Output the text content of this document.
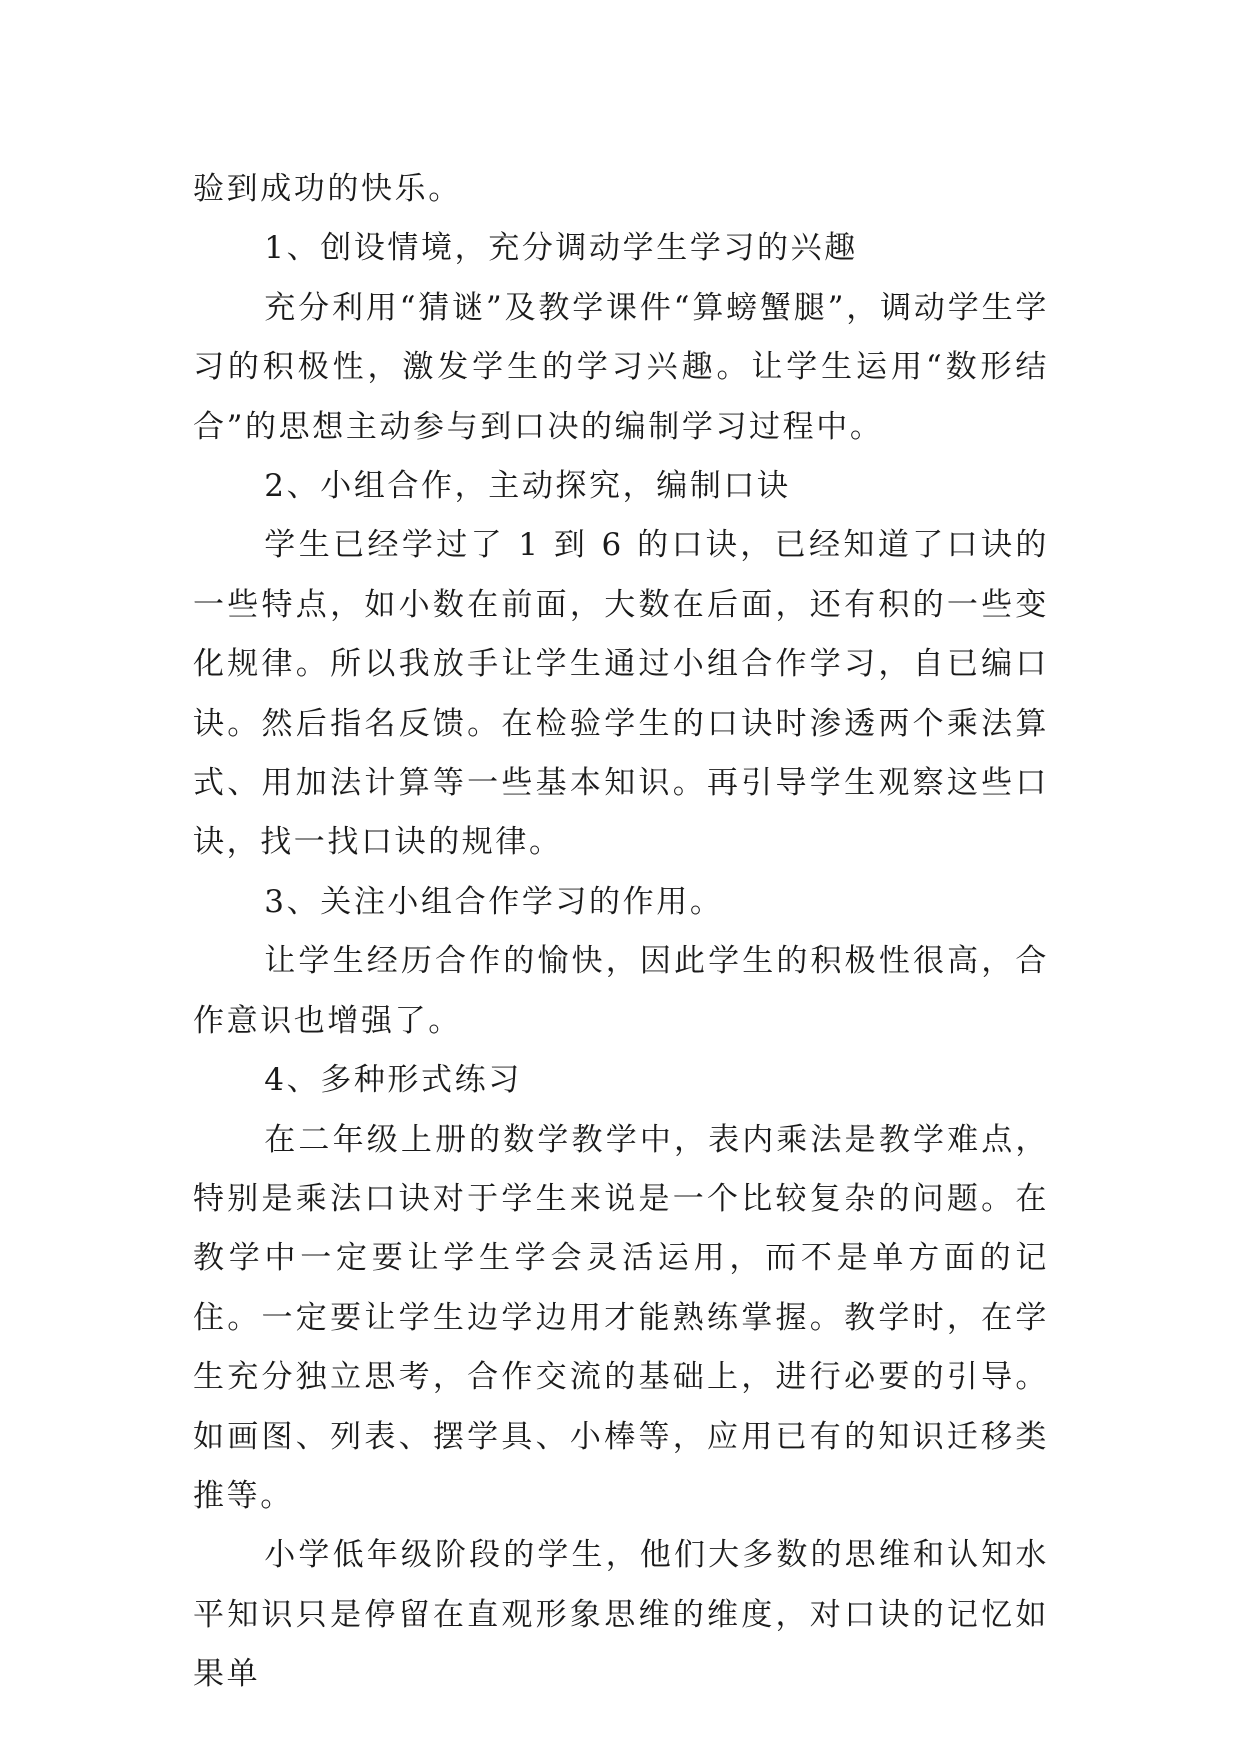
验到成功的快乐。

1、创设情境，充分调动学生学习的兴趣

充分利用“猜谜”及教学课件“算螃蟹腿”，调动学生学习的积极性，激发学生的学习兴趣。让学生运用“数形结合”的思想主动参与到口决的编制学习过程中。

2、小组合作，主动探究，编制口诀

学生已经学过了 1 到 6 的口诀，已经知道了口诀的一些特点，如小数在前面，大数在后面，还有积的一些变化规律。所以我放手让学生通过小组合作学习，自已编口诀。然后指名反馈。在检验学生的口诀时渗透两个乘法算式、用加法计算等一些基本知识。再引导学生观察这些口诀，找一找口诀的规律。

3、关注小组合作学习的作用。

让学生经历合作的愉快，因此学生的积极性很高，合作意识也增强了。

4、多种形式练习

在二年级上册的数学教学中，表内乘法是教学难点，特别是乘法口诀对于学生来说是一个比较复杂的问题。在教学中一定要让学生学会灵活运用，而不是单方面的记住。一定要让学生边学边用才能熟练掌握。教学时，在学生充分独立思考，合作交流的基础上，进行必要的引导。如画图、列表、摆学具、小棒等，应用已有的知识迁移类推等。

小学低年级阶段的学生，他们大多数的思维和认知水平知识只是停留在直观形象思维的维度，对口诀的记忆如果单
